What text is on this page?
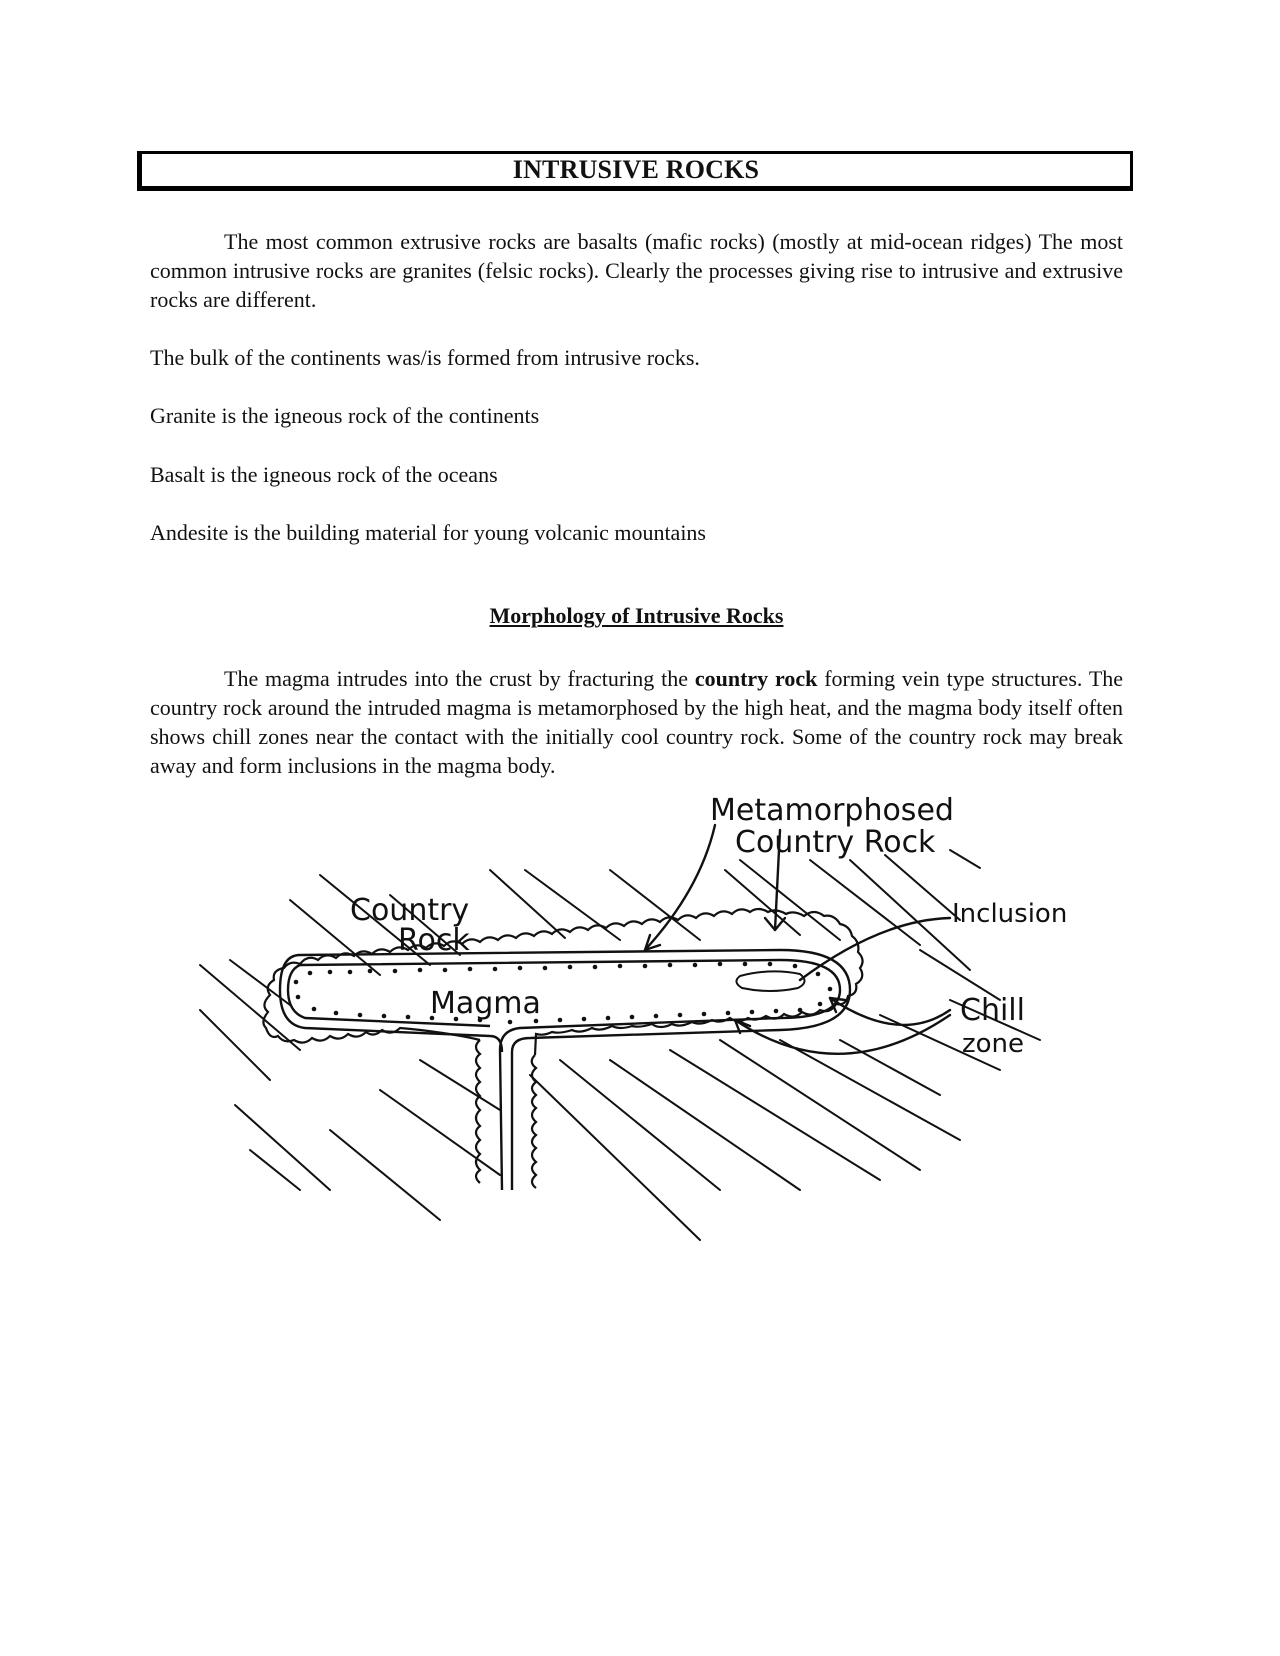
INTRUSIVE ROCKS

The most common extrusive rocks are basalts (mafic rocks) (mostly at mid-ocean ridges) The most common intrusive rocks are granites (felsic rocks). Clearly the processes giving rise to intrusive and extrusive rocks are different.

The bulk of the continents was/is formed from intrusive rocks.

Granite is the igneous rock of the continents

Basalt is the igneous rock of the oceans

Andesite is the building material for young volcanic mountains

Morphology of Intrusive Rocks

The magma intrudes into the crust by fracturing the country rock forming vein type structures. The country rock around the intruded magma is metamorphosed by the high heat, and the magma body itself often shows chill zones near the contact with the initially cool country rock. Some of the country rock may break away and form inclusions in the magma body.

Metamorphosed
Country Rock
Country
Rock
Inclusion
Magma	Chill
zone
